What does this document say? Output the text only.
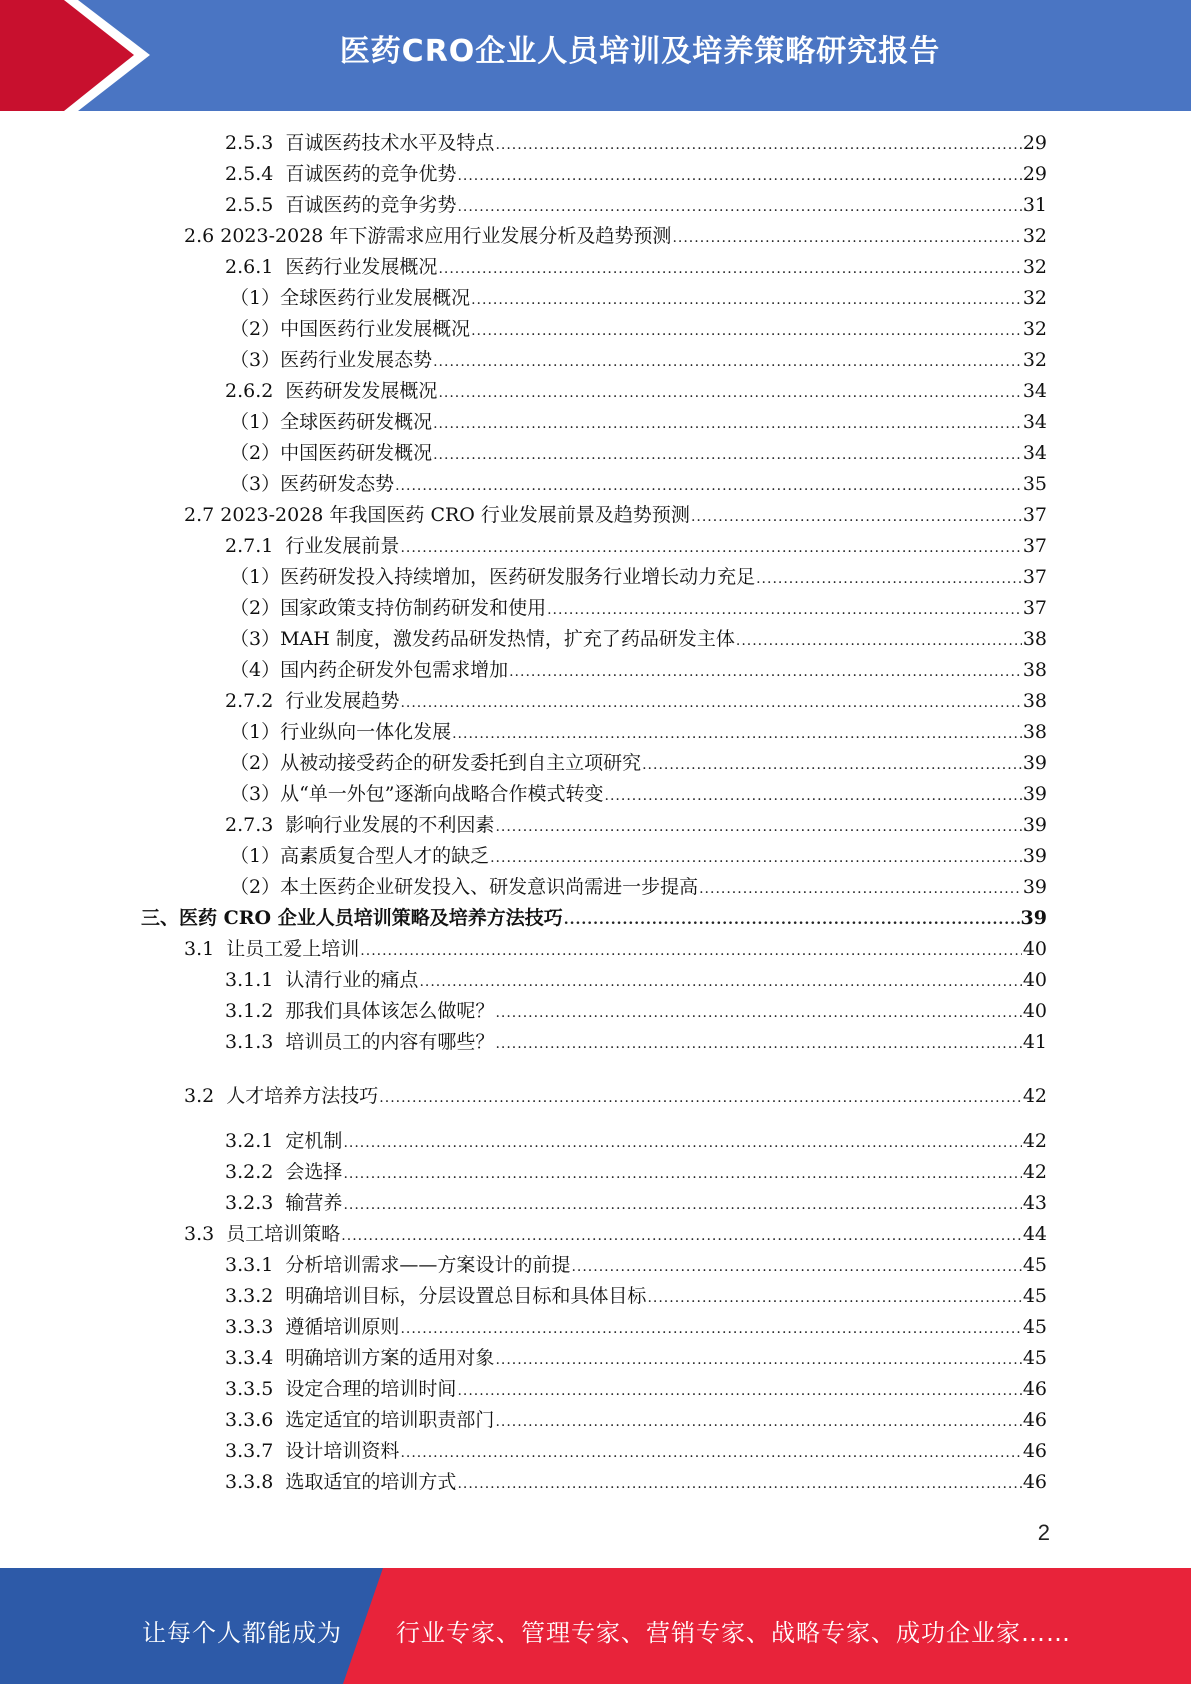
医药CRO企业人员培训及培养策略研究报告
2.5.3  百诚医药技术水平及特点 .....	29
2.5.4  百诚医药的竞争优势 .....	29
2.5.5  百诚医药的竞争劣势 .....	31
2.6 2023-2028 年下游需求应用行业发展分析及趋势预测 .....	32
2.6.1  医药行业发展概况 .....	32
（1）全球医药行业发展概况 .....	32
（2）中国医药行业发展概况 .....	32
（3）医药行业发展态势 .....	32
2.6.2  医药研发发展概况 .....	34
（1）全球医药研发概况 .....	34
（2）中国医药研发概况 .....	34
（3）医药研发态势 .....	35
2.7 2023-2028 年我国医药 CRO 行业发展前景及趋势预测 .....	37
2.7.1  行业发展前景 .....	37
（1）医药研发投入持续增加，医药研发服务行业增长动力充足 .....	37
（2）国家政策支持仿制药研发和使用 .....	37
（3）MAH 制度，激发药品研发热情，扩充了药品研发主体 .....	38
（4）国内药企研发外包需求增加 .....	38
2.7.2  行业发展趋势 .....	38
（1）行业纵向一体化发展 .....	38
（2）从被动接受药企的研发委托到自主立项研究 .....	39
（3）从“单一外包”逐渐向战略合作模式转变 .....	39
2.7.3  影响行业发展的不利因素 .....	39
（1）高素质复合型人才的缺乏 .....	39
（2）本土医药企业研发投入、研发意识尚需进一步提高 .....	39
三、医药 CRO 企业人员培训策略及培养方法技巧 .....	39
3.1  让员工爱上培训 .....	40
3.1.1  认清行业的痛点 .....	40
3.1.2  那我们具体该怎么做呢？ .....	40
3.1.3  培训员工的内容有哪些？ .....	41
3.2  人才培养方法技巧 .....	42
3.2.1  定机制 .....	42
3.2.2  会选择 .....	42
3.2.3  输营养 .....	43
3.3  员工培训策略 .....	44
3.3.1  分析培训需求——方案设计的前提 .....	45
3.3.2  明确培训目标，分层设置总目标和具体目标 .....	45
3.3.3  遵循培训原则 .....	45
3.3.4  明确培训方案的适用对象 .....	45
3.3.5  设定合理的培训时间 .....	46
3.3.6  选定适宜的培训职责部门 .....	46
3.3.7  设计培训资料 .....	46
3.3.8  选取适宜的培训方式 .....	46
2
让每个人都能成为 行业专家、管理专家、营销专家、战略专家、成功企业家……
